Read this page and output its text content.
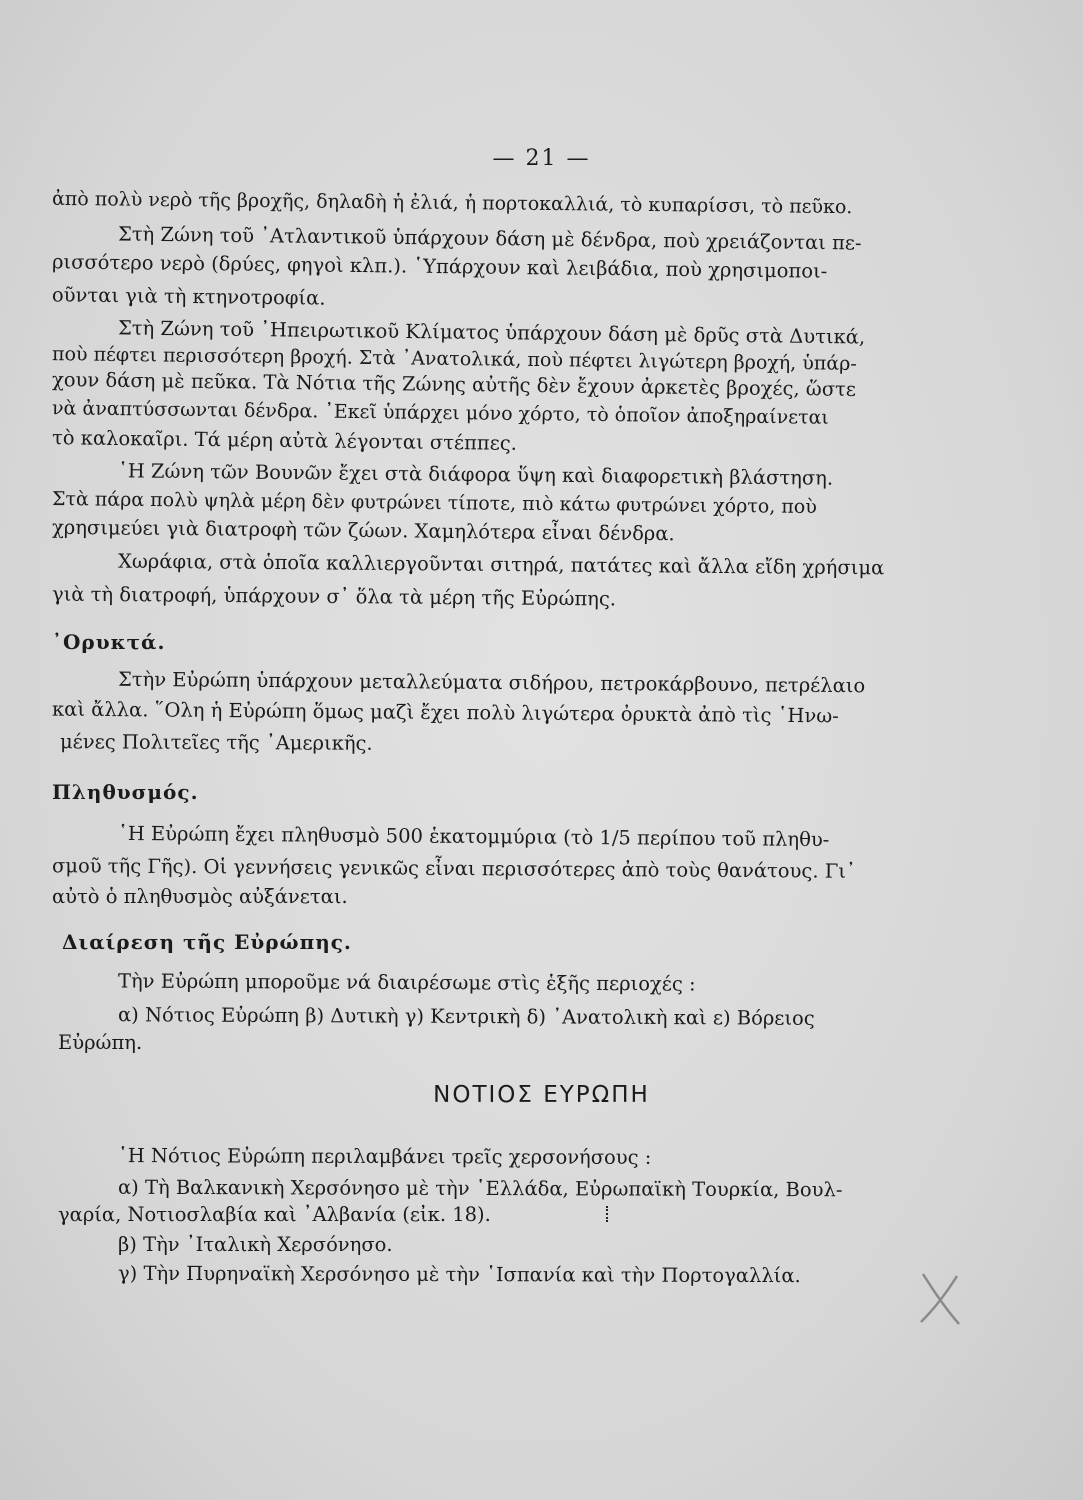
— 21 —
ἀπὸ πολὺ νερὸ τῆς βροχῆς, δηλαδὴ ἡ ἐλιά, ἡ πορτοκαλλιά, τὸ κυπαρίσσι, τὸ πεῦκο.
Στὴ Ζώνη τοῦ ᾿Ατλαντικοῦ ὑπάρχουν δάση μὲ δένδρα, ποὺ χρειάζονται πε-
ρισσότερο νερὸ (δρύες, φηγοὶ κλπ.). ῾Υπάρχουν καὶ λειβάδια, ποὺ χρησιμοποι-
οῦνται γιὰ τὴ κτηνοτροφία.
Στὴ Ζώνη τοῦ ᾿Ηπειρωτικοῦ Κλίματος ὑπάρχουν δάση μὲ δρῦς στὰ Δυτικά,
ποὺ πέφτει περισσότερη βροχή. Στὰ ᾿Ανατολικά, ποὺ πέφτει λιγώτερη βροχή, ὑπάρ-
χουν δάση μὲ πεῦκα. Τὰ Νότια τῆς Ζώνης αὐτῆς δὲν ἔχουν ἀρκετὲς βροχές, ὥστε
νὰ ἀναπτύσσωνται δένδρα. ᾿Εκεῖ ὑπάρχει μόνο χόρτο, τὸ ὁποῖον ἀποξηραίνεται
τὸ καλοκαῖρι. Τά μέρη αὐτὰ λέγονται στέππες.
῾Η Ζώνη τῶν Βουνῶν ἔχει στὰ διάφορα ὕψη καὶ διαφορετικὴ βλάστηση.
Στὰ πάρα πολὺ ψηλὰ μέρη δὲν φυτρώνει τίποτε, πιὸ κάτω φυτρώνει χόρτο, ποὺ
χρησιμεύει γιὰ διατροφὴ τῶν ζώων. Χαμηλότερα εἶναι δένδρα.
Χωράφια, στὰ ὁποῖα καλλιεργοῦνται σιτηρά, πατάτες καὶ ἄλλα εἴδη χρήσιμα
γιὰ τὴ διατροφή, ὑπάρχουν σ᾿ ὅλα τὰ μέρη τῆς Εὐρώπης.
᾿Ορυκτά.
Στὴν Εὐρώπη ὑπάρχουν μεταλλεύματα σιδήρου, πετροκάρβουνο, πετρέλαιο
καὶ ἄλλα. ῞Ολη ἡ Εὐρώπη ὅμως μαζὶ ἔχει πολὺ λιγώτερα ὀρυκτὰ ἀπὸ τὶς ῾Ηνω-
μένες Πολιτεῖες τῆς ᾿Αμερικῆς.
Πληθυσμός.
῾Η Εὐρώπη ἔχει πληθυσμὸ 500 ἑκατομμύρια (τὸ 1/5 περίπου τοῦ πληθυ-
σμοῦ τῆς Γῆς). Οἱ γεννήσεις γενικῶς εἶναι περισσότερες ἀπὸ τοὺς θανάτους. Γι᾿
αὐτὸ ὁ πληθυσμὸς αὐξάνεται.
Διαίρεση τῆς Εὐρώπης.
Τὴν Εὐρώπη μποροῦμε νά διαιρέσωμε στὶς ἑξῆς περιοχές :
α) Νότιος Εὐρώπη β) Δυτικὴ γ) Κεντρικὴ δ) ᾿Ανατολικὴ καὶ ε) Βόρειος
Εὐρώπη.
ΝΟΤΙΟΣ ΕΥΡΩΠΗ
῾Η Νότιος Εὐρώπη περιλαμβάνει τρεῖς χερσονήσους :
α) Τὴ Βαλκανικὴ Χερσόνησο μὲ τὴν ῾Ελλάδα, Εὐρωπαϊκὴ Τουρκία, Βουλ-
γαρία, Νοτιοσλαβία καὶ ᾿Αλβανία (εἰκ. 18).
β) Τὴν ᾿Ιταλικὴ Χερσόνησο.
γ) Τὴν Πυρηναϊκὴ Χερσόνησο μὲ τὴν ῾Ισπανία καὶ τὴν Πορτογαλλία.
